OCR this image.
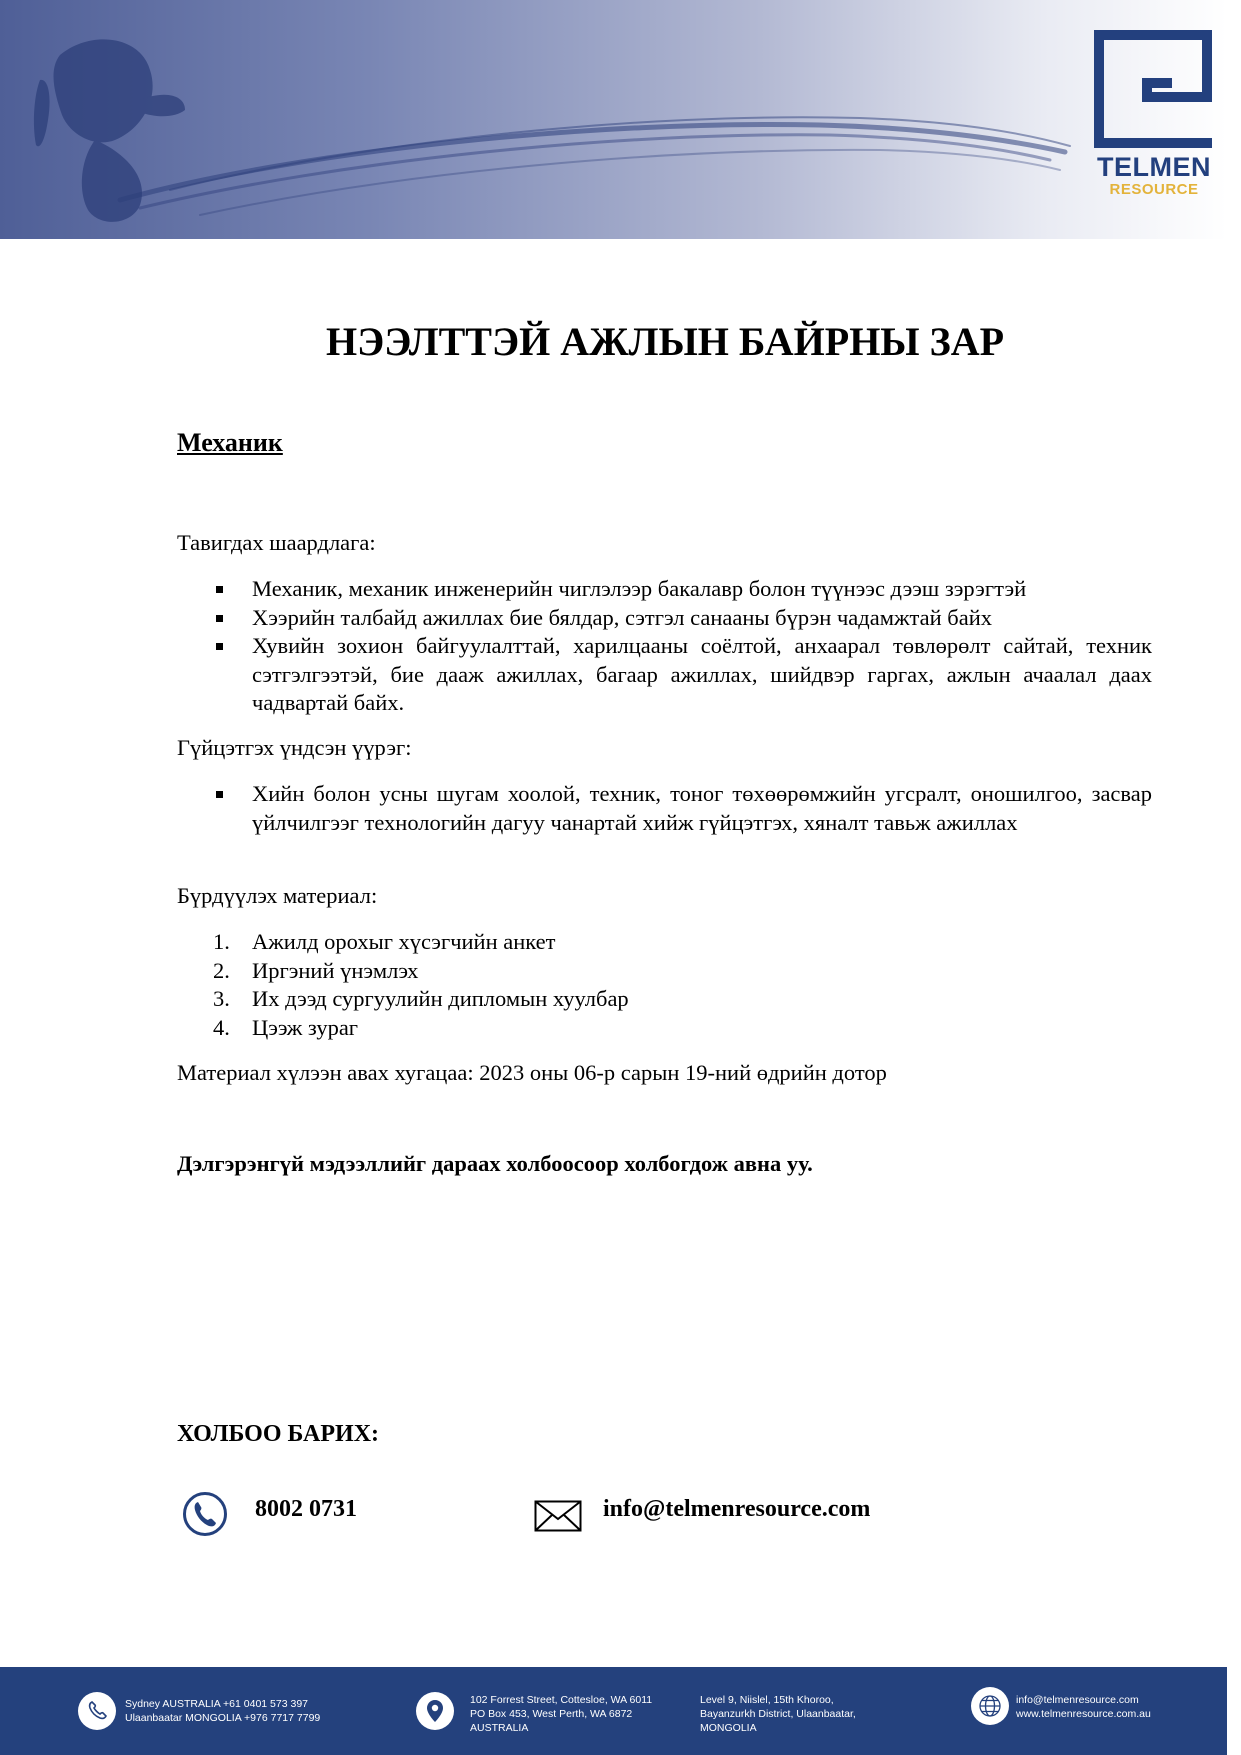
TELMEN
RESOURCE
НЭЭЛТТЭЙ АЖЛЫН БАЙРНЫ ЗАР
Механик
Тавигдах шаардлага:
Механик, механик инженерийн чиглэлээр бакалавр болон түүнээс дээш зэрэгтэй
Хээрийн талбайд ажиллах бие бялдар, сэтгэл санааны бүрэн чадамжтай байх
Хувийн зохион байгуулалттай, харилцааны соёлтой, анхаарал төвлөрөлт сайтай, техник сэтгэлгээтэй, бие дааж ажиллах, багаар ажиллах, шийдвэр гаргах, ажлын ачаалал даах чадвартай байх.
Гүйцэтгэх үндсэн үүрэг:
Хийн болон усны шугам хоолой, техник, тоног төхөөрөмжийн угсралт, оношилгоо, засвар үйлчилгээг технологийн дагуу чанартай хийж гүйцэтгэх, хяналт тавьж ажиллах
Бүрдүүлэх материал:
1. Ажилд орохыг хүсэгчийн анкет
2. Иргэний үнэмлэх
3. Их дээд сургуулийн дипломын хуулбар
4. Цээж зураг
Материал хүлээн авах хугацаа: 2023 оны 06-р сарын 19-ний өдрийн дотор
Дэлгэрэнгүй мэдээллийг дараах холбоосоор холбогдож авна уу.
ХОЛБОО БАРИХ:
8002 0731	info@telmenresource.com
Sydney AUSTRALIA +61 0401 573 397
Ulaanbaatar MONGOLIA +976 7717 7799
102 Forrest Street, Cottesloe, WA 6011
PO Box 453, West Perth, WA 6872
AUSTRALIA
Level 9, Niislel, 15th Khoroo,
Bayanzurkh District, Ulaanbaatar,
MONGOLIA
info@telmenresource.com
www.telmenresource.com.au
